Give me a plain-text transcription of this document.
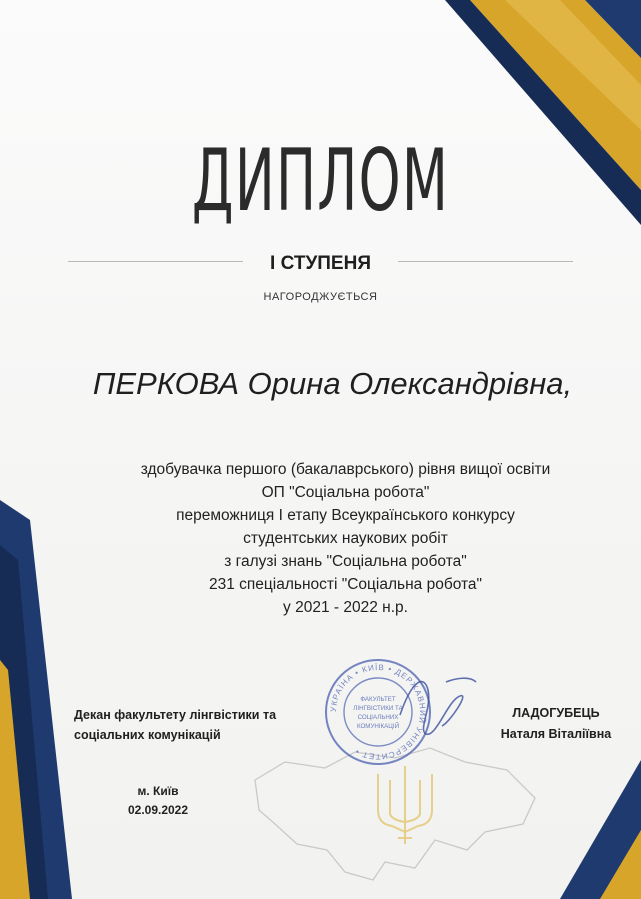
ДИПЛОМ
І СТУПЕНЯ
НАГОРОДЖУЄТЬСЯ
ПЕРКОВА Орина Олександрівна,
здобувачка першого (бакалаврського) рівня вищої освіти
ОП "Соціальна робота"
переможниця І етапу Всеукраїнського конкурсу
студентських наукових робіт
з галузі знань "Соціальна робота"
231 спеціальності "Соціальна робота"
у 2021 - 2022 н.р.
УКРАЇНА • КИЇВ • ДЕРЖАВНИЙ УНІВЕРСИТЕТ •
ФАКУЛЬТЕТ
ЛІНГВІСТИКИ ТА
СОЦІАЛЬНИХ
КОМУНІКАЦІЙ
Декан факультету лінгвістики та
соціальних комунікацій
ЛАДОГУБЕЦЬ
Наталя Віталіївна
м. Київ
02.09.2022
